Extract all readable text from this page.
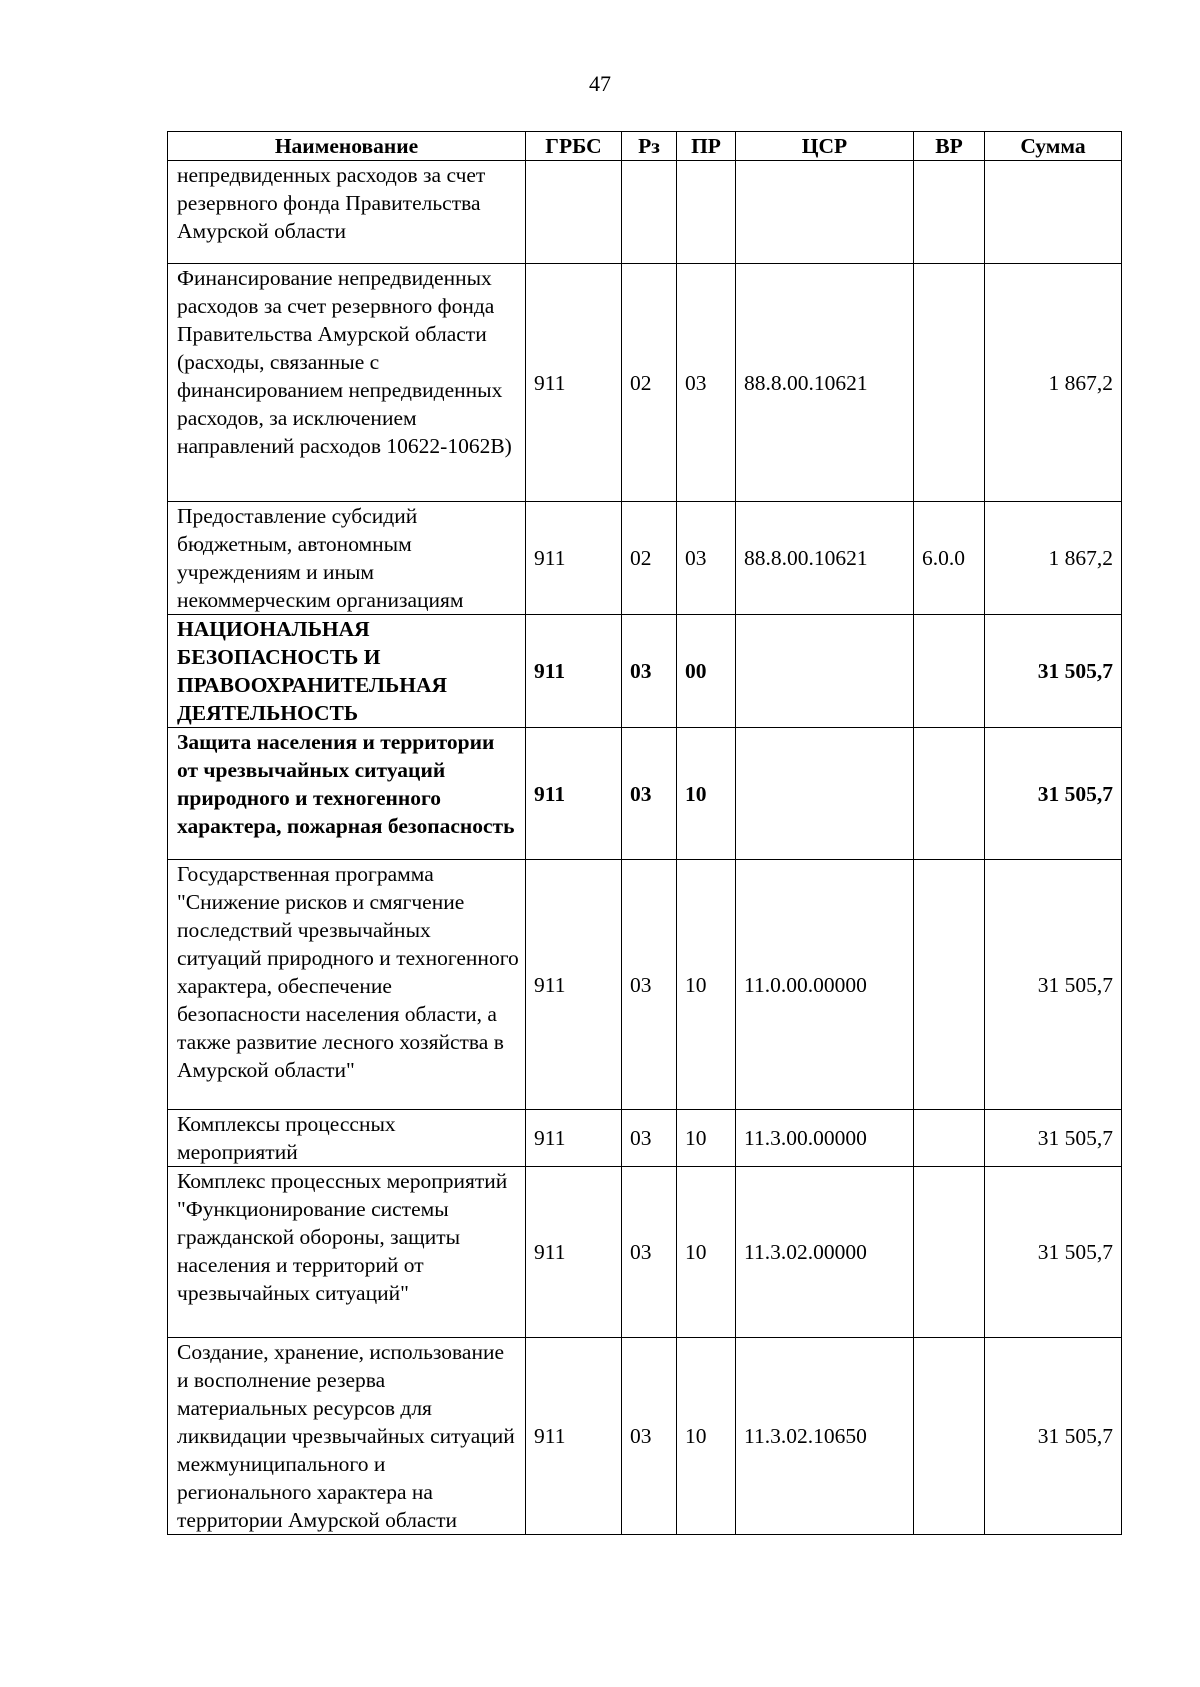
47
Наименование	ГРБС	Рз	ПР	ЦСР	ВР	Сумма
непредвиденных расходов за счет резервного фонда Правительства Амурской области						
Финансирование непредвиденных расходов за счет резервного фонда Правительства Амурской области (расходы, связанные с финансированием непредвиденных расходов, за исключением направлений расходов 10622-1062В)	911	02	03	88.8.00.10621		1 867,2
Предоставление субсидий бюджетным, автономным учреждениям и иным некоммерческим организациям	911	02	03	88.8.00.10621	6.0.0	1 867,2
НАЦИОНАЛЬНАЯ БЕЗОПАСНОСТЬ И ПРАВООХРАНИТЕЛЬНАЯ ДЕЯТЕЛЬНОСТЬ	911	03	00			31 505,7
Защита населения и территории от чрезвычайных ситуаций природного и техногенного характера, пожарная безопасность	911	03	10			31 505,7
Государственная программа "Снижение рисков и смягчение последствий чрезвычайных ситуаций природного и техногенного характера, обеспечение безопасности населения области, а также развитие лесного хозяйства в Амурской области"	911	03	10	11.0.00.00000		31 505,7
Комплексы процессных мероприятий	911	03	10	11.3.00.00000		31 505,7
Комплекс процессных мероприятий "Функционирование системы гражданской обороны, защиты населения и территорий от чрезвычайных ситуаций"	911	03	10	11.3.02.00000		31 505,7
Создание, хранение, использование и восполнение резерва материальных ресурсов для ликвидации чрезвычайных ситуаций межмуниципального и регионального характера на территории Амурской области	911	03	10	11.3.02.10650		31 505,7
